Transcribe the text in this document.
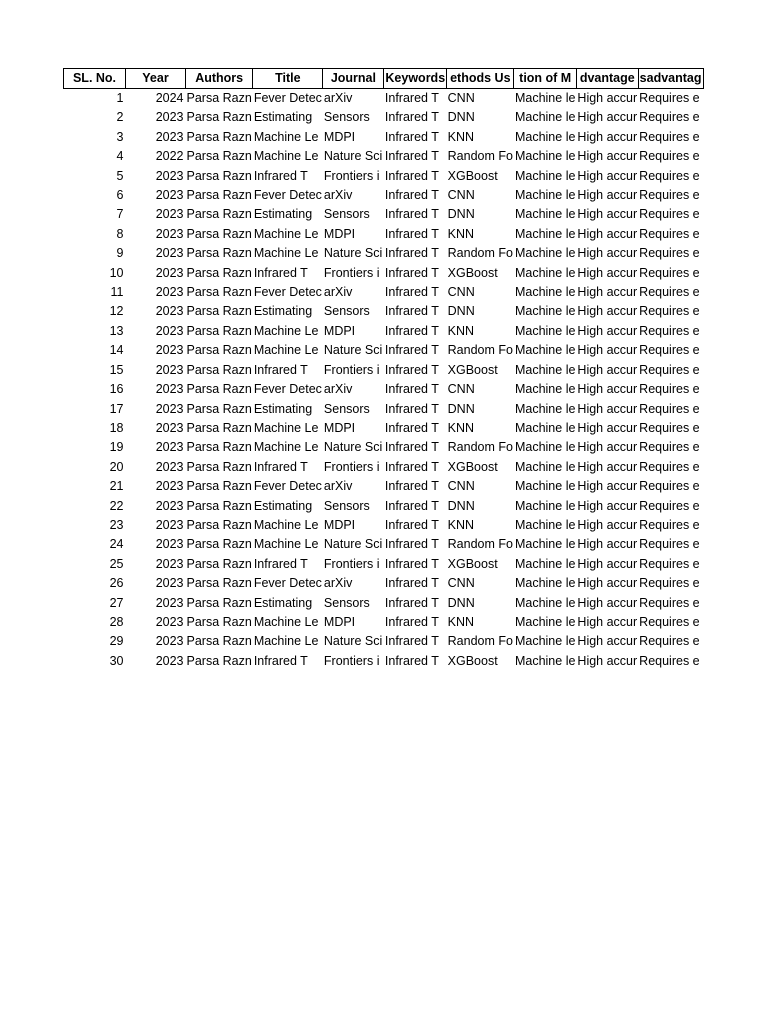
SL. No.	Year	Authors	Title	Journal	Keywords	ethods Us	tion of M	dvantage	sadvantag
1	2024	Parsa Razn	Fever Detec	arXiv	Infrared T	CNN	Machine le	High accur	Requires e
2	2023	Parsa Razn	Estimating	Sensors	Infrared T	DNN	Machine le	High accur	Requires e
3	2023	Parsa Razn	Machine Le	MDPI	Infrared T	KNN	Machine le	High accur	Requires e
4	2022	Parsa Razn	Machine Le	Nature Sci	Infrared T	Random Fo	Machine le	High accur	Requires e
5	2023	Parsa Razn	Infrared T	Frontiers i	Infrared T	XGBoost	Machine le	High accur	Requires e
6	2023	Parsa Razn	Fever Detec	arXiv	Infrared T	CNN	Machine le	High accur	Requires e
7	2023	Parsa Razn	Estimating	Sensors	Infrared T	DNN	Machine le	High accur	Requires e
8	2023	Parsa Razn	Machine Le	MDPI	Infrared T	KNN	Machine le	High accur	Requires e
9	2023	Parsa Razn	Machine Le	Nature Sci	Infrared T	Random Fo	Machine le	High accur	Requires e
10	2023	Parsa Razn	Infrared T	Frontiers i	Infrared T	XGBoost	Machine le	High accur	Requires e
11	2023	Parsa Razn	Fever Detec	arXiv	Infrared T	CNN	Machine le	High accur	Requires e
12	2023	Parsa Razn	Estimating	Sensors	Infrared T	DNN	Machine le	High accur	Requires e
13	2023	Parsa Razn	Machine Le	MDPI	Infrared T	KNN	Machine le	High accur	Requires e
14	2023	Parsa Razn	Machine Le	Nature Sci	Infrared T	Random Fo	Machine le	High accur	Requires e
15	2023	Parsa Razn	Infrared T	Frontiers i	Infrared T	XGBoost	Machine le	High accur	Requires e
16	2023	Parsa Razn	Fever Detec	arXiv	Infrared T	CNN	Machine le	High accur	Requires e
17	2023	Parsa Razn	Estimating	Sensors	Infrared T	DNN	Machine le	High accur	Requires e
18	2023	Parsa Razn	Machine Le	MDPI	Infrared T	KNN	Machine le	High accur	Requires e
19	2023	Parsa Razn	Machine Le	Nature Sci	Infrared T	Random Fo	Machine le	High accur	Requires e
20	2023	Parsa Razn	Infrared T	Frontiers i	Infrared T	XGBoost	Machine le	High accur	Requires e
21	2023	Parsa Razn	Fever Detec	arXiv	Infrared T	CNN	Machine le	High accur	Requires e
22	2023	Parsa Razn	Estimating	Sensors	Infrared T	DNN	Machine le	High accur	Requires e
23	2023	Parsa Razn	Machine Le	MDPI	Infrared T	KNN	Machine le	High accur	Requires e
24	2023	Parsa Razn	Machine Le	Nature Sci	Infrared T	Random Fo	Machine le	High accur	Requires e
25	2023	Parsa Razn	Infrared T	Frontiers i	Infrared T	XGBoost	Machine le	High accur	Requires e
26	2023	Parsa Razn	Fever Detec	arXiv	Infrared T	CNN	Machine le	High accur	Requires e
27	2023	Parsa Razn	Estimating	Sensors	Infrared T	DNN	Machine le	High accur	Requires e
28	2023	Parsa Razn	Machine Le	MDPI	Infrared T	KNN	Machine le	High accur	Requires e
29	2023	Parsa Razn	Machine Le	Nature Sci	Infrared T	Random Fo	Machine le	High accur	Requires e
30	2023	Parsa Razn	Infrared T	Frontiers i	Infrared T	XGBoost	Machine le	High accur	Requires e
